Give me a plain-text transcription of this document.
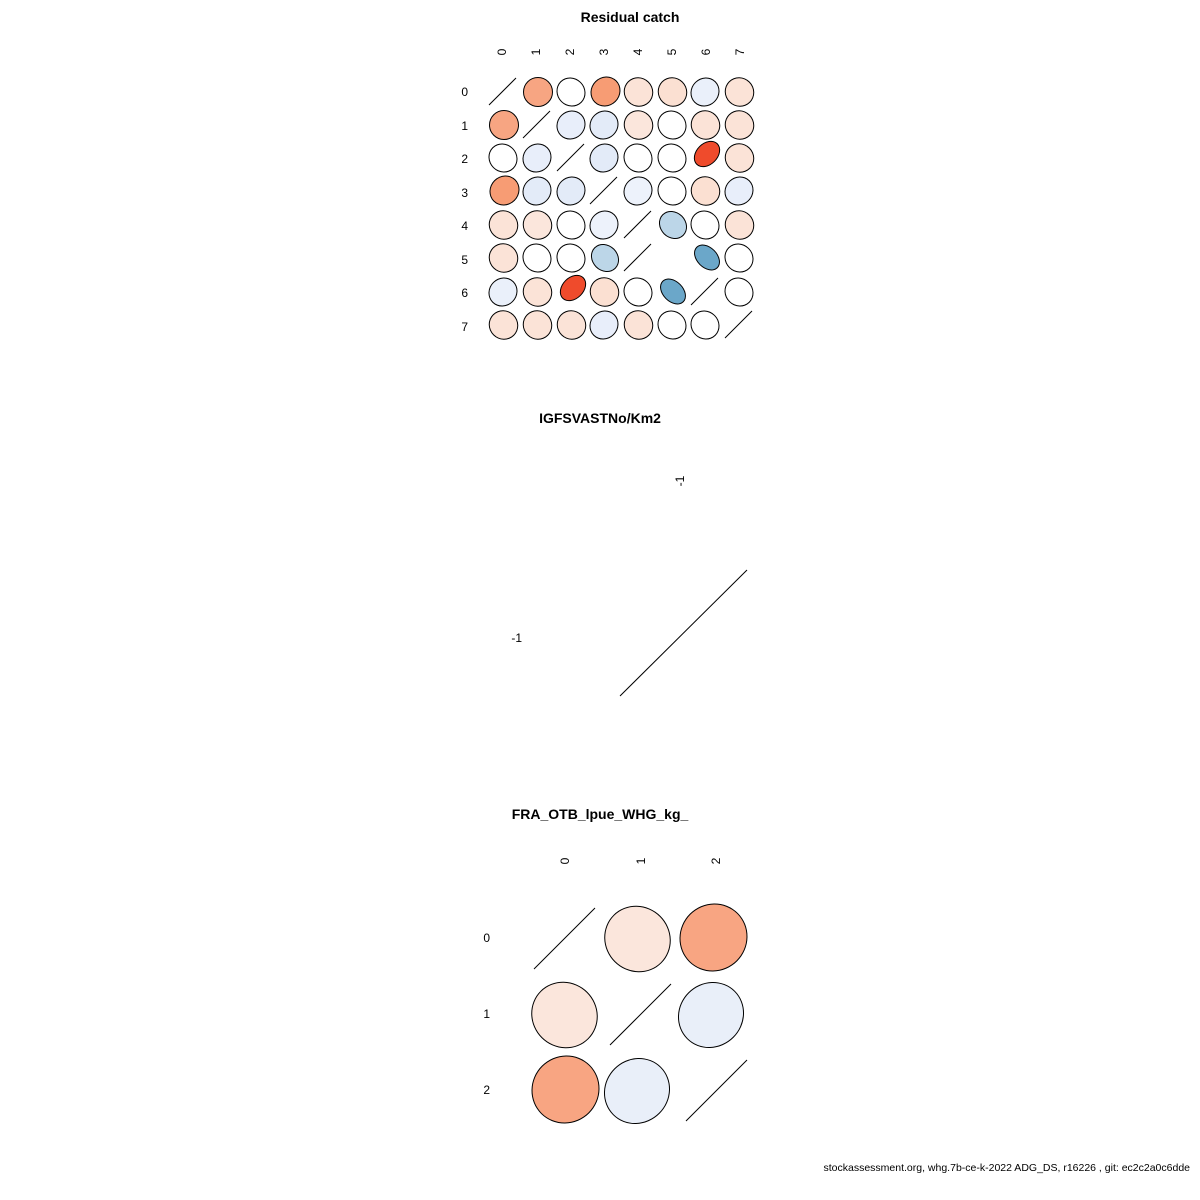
Residual catch
0 1 2 3 4 5 6 7
0
1
2
3
4
5
6
7
IGFSVASTNo/Km2
-1
-1
FRA_OTB_lpue_WHG_kg_
0	1	2
0
1
2
stockassessment.org, whg.7b-ce-k-2022 ADG_DS, r16226 , git: ec2c2a0c6dde
